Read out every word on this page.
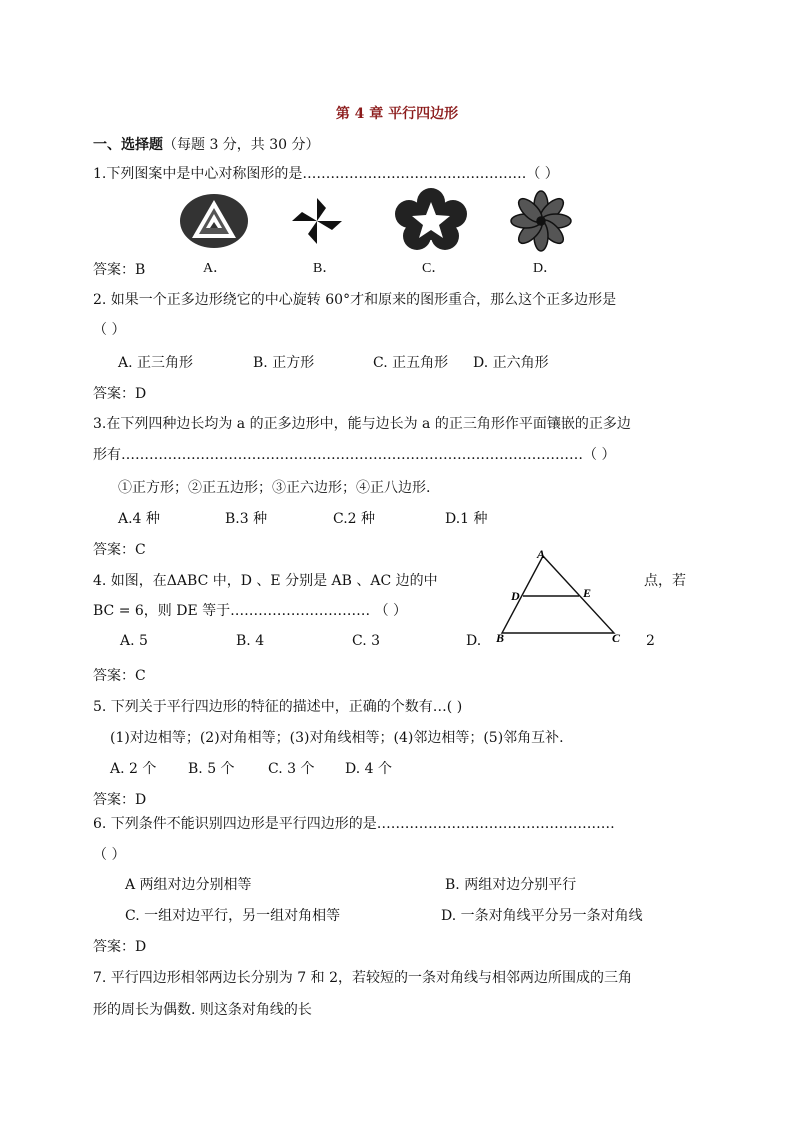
第 4 章 平行四边形
一、选择题（每题 3 分，共 30 分）
1.下列图案中是中心对称图形的是…………………………………………（ ）
答案：B	A．	B．	C．	D．
2. 如果一个正多边形绕它的中心旋转 60°才和原来的图形重合，那么这个正多边形是
（ ）
A. 正三角形	B. 正方形	C. 正五角形 D. 正六角形
答案：D
3.在下列四种边长均为 a 的正多边形中，能与边长为 a 的正三角形作平面镶嵌的正多边
形有………………………………………………………………………………………（ ）
①正方形；②正五边形；③正六边形；④正八边形.
A.4 种	B.3 种	C.2 种	D.1 种
答案：C
4. 如图，在ΔABC 中，D 、E 分别是 AB 、AC 边的中	点，若
BC = 6，则 DE 等于………………………… （ ）
A. 5	B. 4	C. 3	D.	2
A
D	E
B	C
答案：C
5. 下列关于平行四边形的特征的描述中，正确的个数有…( )
(1)对边相等；(2)对角相等；(3)对角线相等；(4)邻边相等；(5)邻角互补.
A. 2 个 B. 5 个 C. 3 个 D. 4 个
答案：D
6. 下列条件不能识别四边形是平行四边形的是……………………………………………
（ ）
A 两组对边分别相等	B. 两组对边分别平行
C. 一组对边平行，另一组对角相等	D. 一条对角线平分另一条对角线
答案：D
7. 平行四边形相邻两边长分别为 7 和 2，若较短的一条对角线与相邻两边所围成的三角
形的周长为偶数. 则这条对角线的长
